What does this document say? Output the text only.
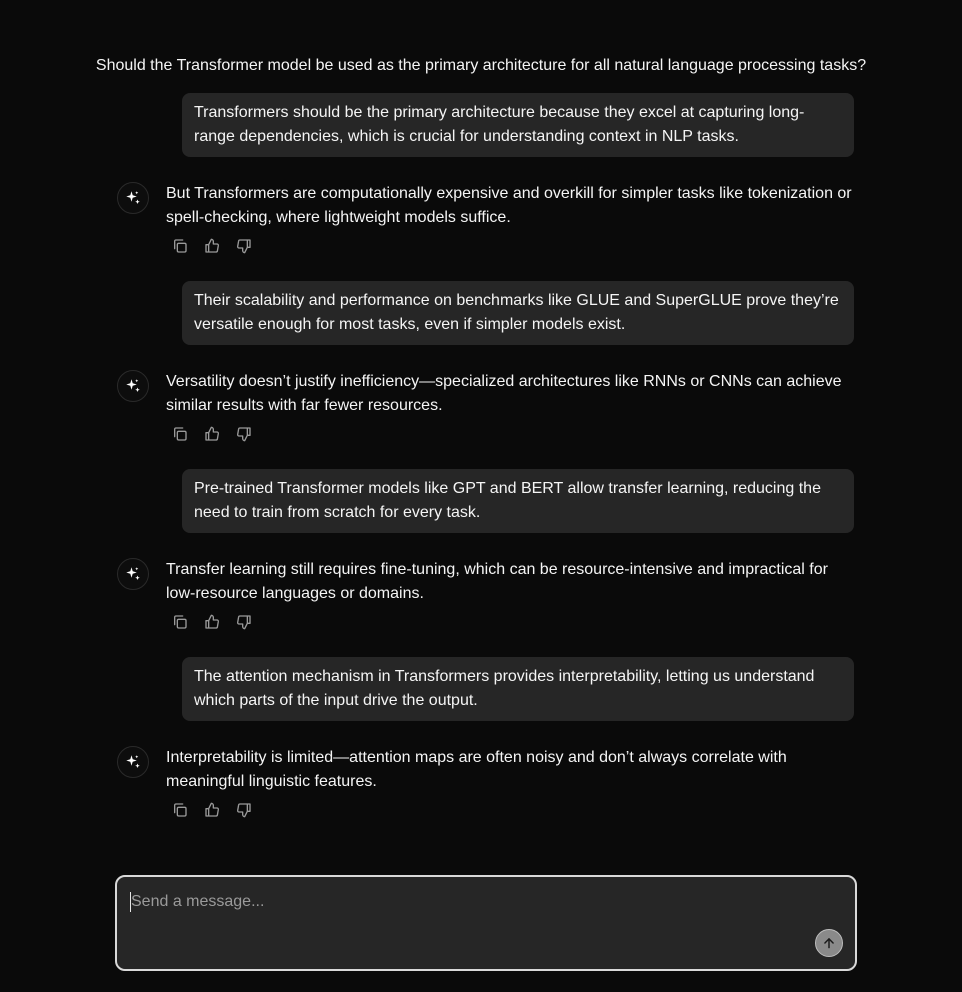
Should the Transformer model be used as the primary architecture for all natural language processing tasks?
Transformers should be the primary architecture because they excel at capturing long-range dependencies, which is crucial for understanding context in NLP tasks.
But Transformers are computationally expensive and overkill for simpler tasks like tokenization or spell-checking, where lightweight models suffice.
Their scalability and performance on benchmarks like GLUE and SuperGLUE prove they’re versatile enough for most tasks, even if simpler models exist.
Versatility doesn’t justify inefficiency—specialized architectures like RNNs or CNNs can achieve similar results with far fewer resources.
Pre-trained Transformer models like GPT and BERT allow transfer learning, reducing the need to train from scratch for every task.
Transfer learning still requires fine-tuning, which can be resource-intensive and impractical for low-resource languages or domains.
The attention mechanism in Transformers provides interpretability, letting us understand which parts of the input drive the output.
Interpretability is limited—attention maps are often noisy and don’t always correlate with meaningful linguistic features.
Send a message...
